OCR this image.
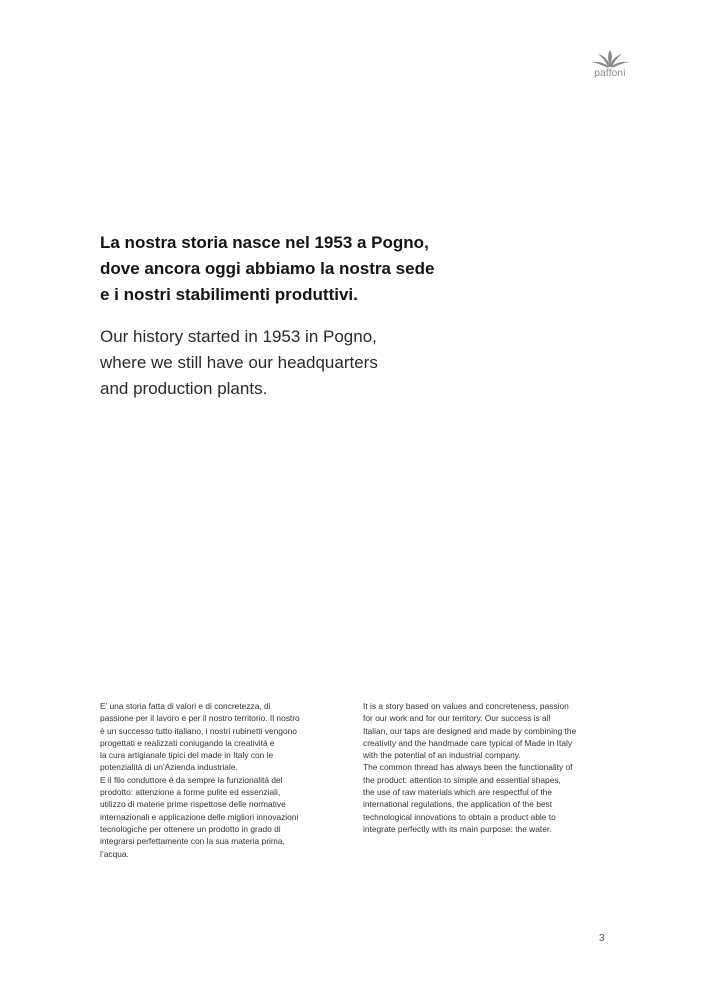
paffoni
La nostra storia nasce nel 1953 a Pogno,
dove ancora oggi abbiamo la nostra sede
e i nostri stabilimenti produttivi.
Our history started in 1953 in Pogno,
where we still have our headquarters
and production plants.

E’ una storia fatta di valori e di concretezza, di

passione per il lavoro e per il nostro territorio. Il nostro

è un successo tutto italiano, i nostri rubinetti vengono

progettati e realizzati coniugando la creatività e

la cura artigianale tipici del made in Italy con le

potenzialità di un’Azienda industriale.

E il filo conduttore è da sempre la funzionalità del

prodotto: attenzione a forme pulite ed essenziali,

utilizzo di materie prime rispettose delle normative

internazionali e applicazione delle migliori innovazioni

tecnologiche per ottenere un prodotto in grado di

integrarsi perfettamente con la sua materia prima,

l’acqua.

It is a story based on values and concreteness, passion

for our work and for our territory. Our success is all

Italian, our taps are designed and made by combining the

creativity and the handmade care typical of Made in Italy

with the potential of an industrial company.

The common thread has always been the functionality of

the product: attention to simple and essential shapes,

the use of raw materials which are respectful of the

international regulations, the application of the best

technological innovations to obtain a product able to

integrate perfectly with its main purpose: the water.

3
